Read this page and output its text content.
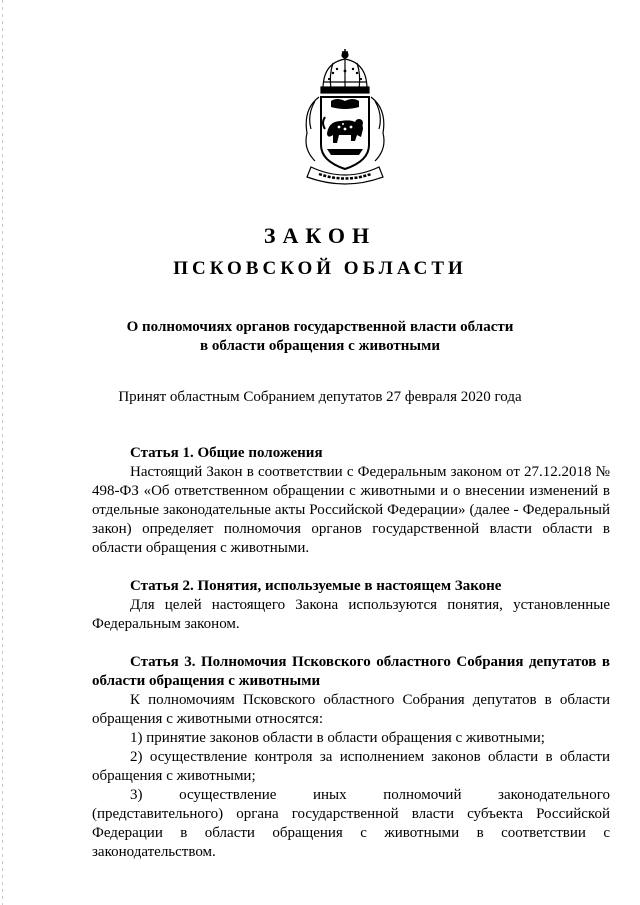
ЗАКОН
ПСКОВСКОЙ ОБЛАСТИ
О полномочиях органов государственной власти области
в области обращения с животными
Принят областным Собранием депутатов 27 февраля 2020 года

Статья 1. Общие положения

Настоящий Закон в соответствии с Федеральным законом от 27.12.2018 № 498-ФЗ «Об ответственном обращении с животными и о внесении изменений в отдельные законодательные акты Российской Федерации» (далее - Федеральный закон) определяет полномочия органов государственной власти области в области обращения с животными.

Статья 2. Понятия, используемые в настоящем Законе

Для целей настоящего Закона используются понятия, установленные Федеральным законом.

Статья 3. Полномочия Псковского областного Собрания депутатов в области обращения с животными

К полномочиям Псковского областного Собрания депутатов в области обращения с животными относятся:

1) принятие законов области в области обращения с животными;

2) осуществление контроля за исполнением законов области в области обращения с животными;

3) осуществление иных полномочий законодательного (представительного) органа государственной власти субъекта Российской Федерации в области обращения с животными в соответствии с законодательством.
